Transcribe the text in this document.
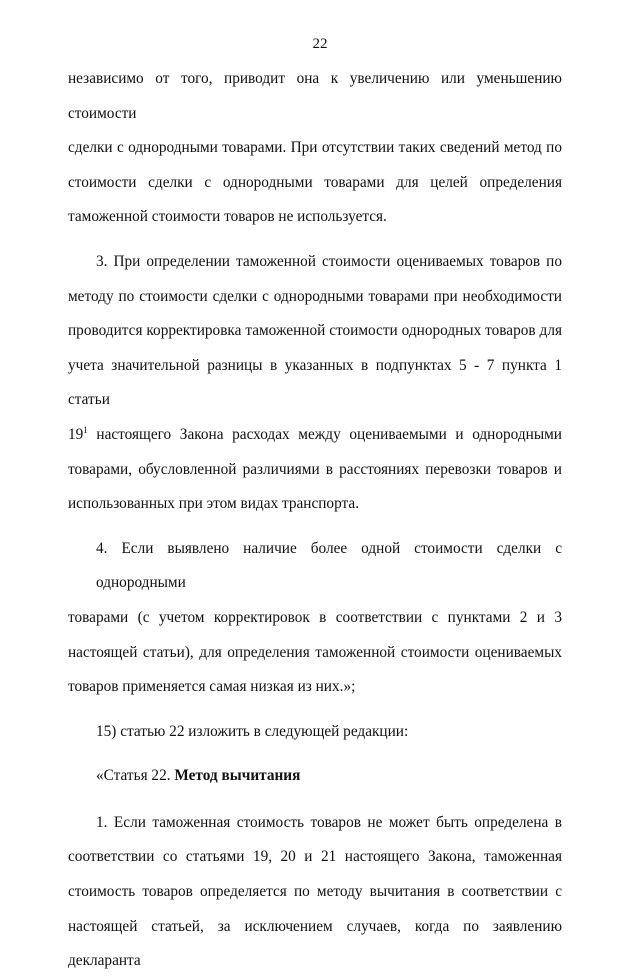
22

независимо от того, приводит она к увеличению или уменьшению стоимости
сделки с однородными товарами. При отсутствии таких сведений метод по
стоимости сделки с однородными товарами для целей определения
таможенной стоимости товаров не используется.

3. При определении таможенной стоимости оцениваемых товаров по
методу по стоимости сделки с однородными товарами при необходимости
проводится корректировка таможенной стоимости однородных товаров для
учета значительной разницы в указанных в подпунктах 5 - 7 пункта 1 статьи
$19^1$ настоящего Закона расходах между оцениваемыми и однородными
товарами, обусловленной различиями в расстояниях перевозки товаров и
использованных при этом видах транспорта.

4. Если выявлено наличие более одной стоимости сделки с однородными
товарами (с учетом корректировок в соответствии с пунктами 2 и 3
настоящей статьи), для определения таможенной стоимости оцениваемых
товаров применяется самая низкая из них.»;

15) статью 22 изложить в следующей редакции:

«Статья 22. Метод вычитания

1. Если таможенная стоимость товаров не может быть определена в
соответствии со статьями 19, 20 и 21 настоящего Закона, таможенная
стоимость товаров определяется по методу вычитания в соответствии с
настоящей статьей, за исключением случаев, когда по заявлению декларанта
